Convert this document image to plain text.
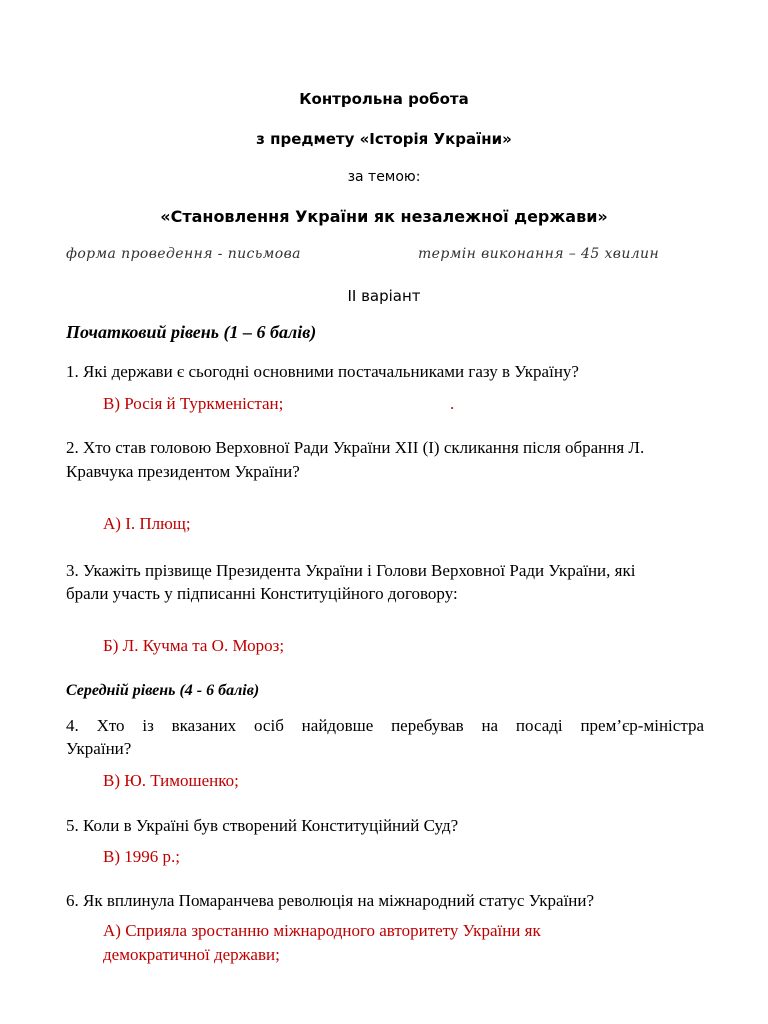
Контрольна робота

з предмету «Історія України»

за темою:

«Становлення України як незалежної держави»

форма проведення - письмова	термін виконання – 45 хвилин

ІІ варіант

Початковий рівень (1 – 6 балів)

1. Які держави є сьогодні основними постачальниками газу в Україну?

В) Росія й Туркменістан;	.

2. Хто став головою Верховної Ради України ХІІ (І) скликання після обрання Л.

Кравчука президентом України?

А) І. Плющ;

3. Укажіть прізвище Президента України і Голови Верховної Ради України, які

брали участь у підписанні Конституційного договору:

Б) Л. Кучма та О. Мороз;

Середній рівень (4 - 6 балів)

4. Хто із вказаних осіб найдовше перебував на посаді прем’єр-міністра

України?

В) Ю. Тимошенко;

5. Коли в Україні був створений Конституційний Суд?

В) 1996 р.;

6. Як вплинула Помаранчева революція на міжнародний статус України?

А) Сприяла зростанню міжнародного авторитету України як

демократичної держави;
